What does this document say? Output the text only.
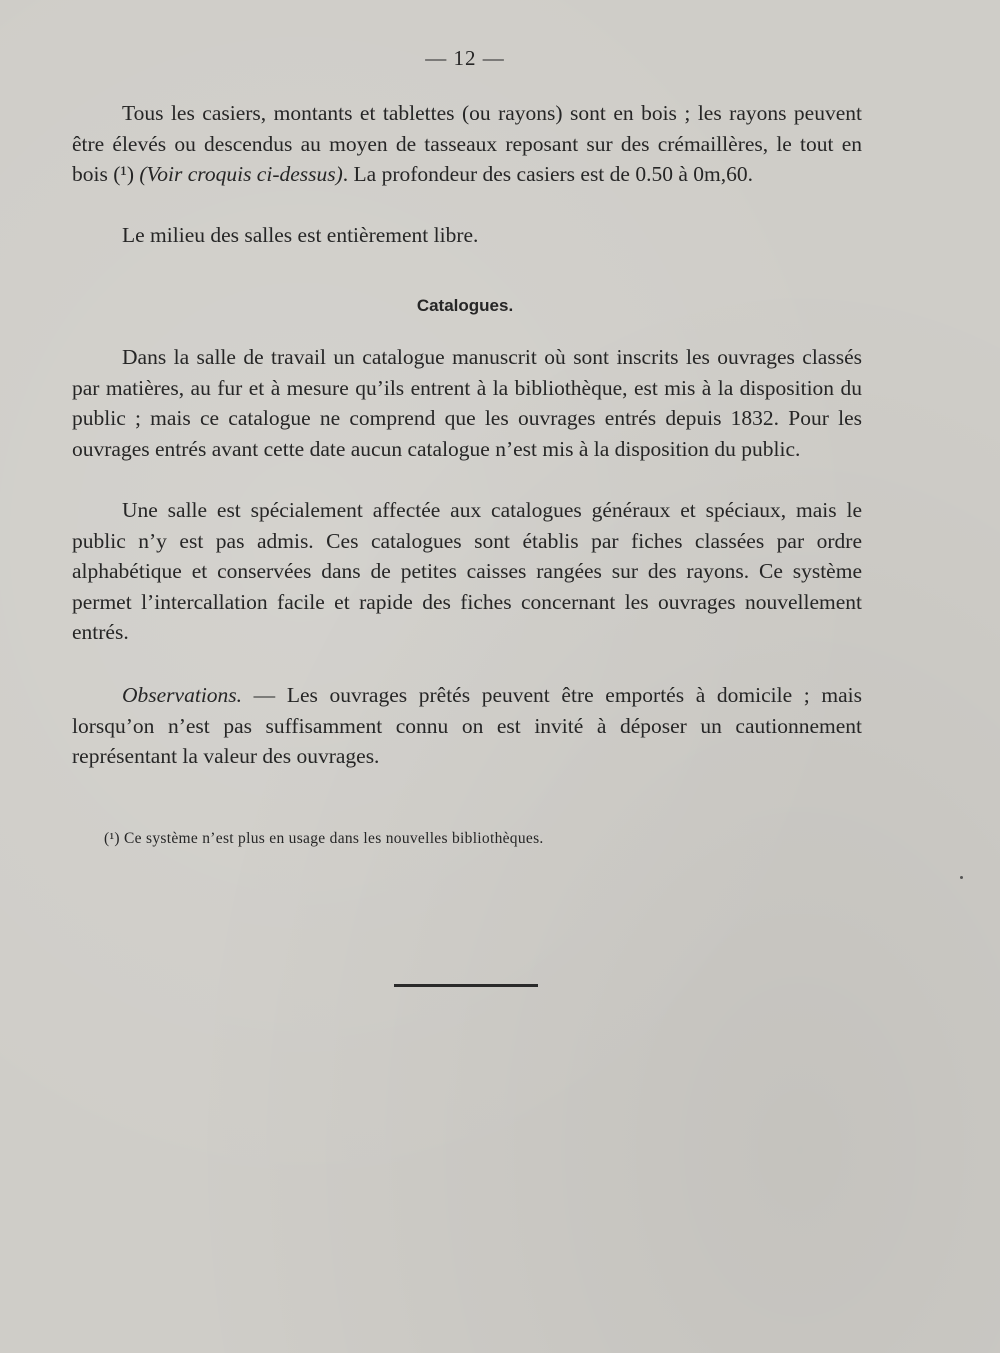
— 12 —

Tous les casiers, montants et tablettes (ou rayons) sont en bois ; les rayons peuvent être élevés ou descendus au moyen de tasseaux reposant sur des crémaillères, le tout en bois (¹) (Voir croquis ci-dessus). La profondeur des casiers est de 0.50 à 0m,60.

Le milieu des salles est entièrement libre.

Catalogues.

Dans la salle de travail un catalogue manuscrit où sont inscrits les ouvrages classés par matières, au fur et à mesure qu’ils entrent à la bibliothèque, est mis à la disposition du public ; mais ce catalogue ne comprend que les ouvrages entrés depuis 1832. Pour les ouvrages entrés avant cette date aucun catalogue n’est mis à la disposition du public.

Une salle est spécialement affectée aux catalogues généraux et spéciaux, mais le public n’y est pas admis. Ces catalogues sont établis par fiches classées par ordre alphabétique et conservées dans de petites caisses rangées sur des rayons. Ce système permet l’intercallation facile et rapide des fiches concernant les ouvrages nouvellement entrés.

Observations. — Les ouvrages prêtés peuvent être emportés à domicile ; mais lorsqu’on n’est pas suffisamment connu on est invité à déposer un cautionnement représentant la valeur des ouvrages.

(¹) Ce système n’est plus en usage dans les nouvelles bibliothèques.
